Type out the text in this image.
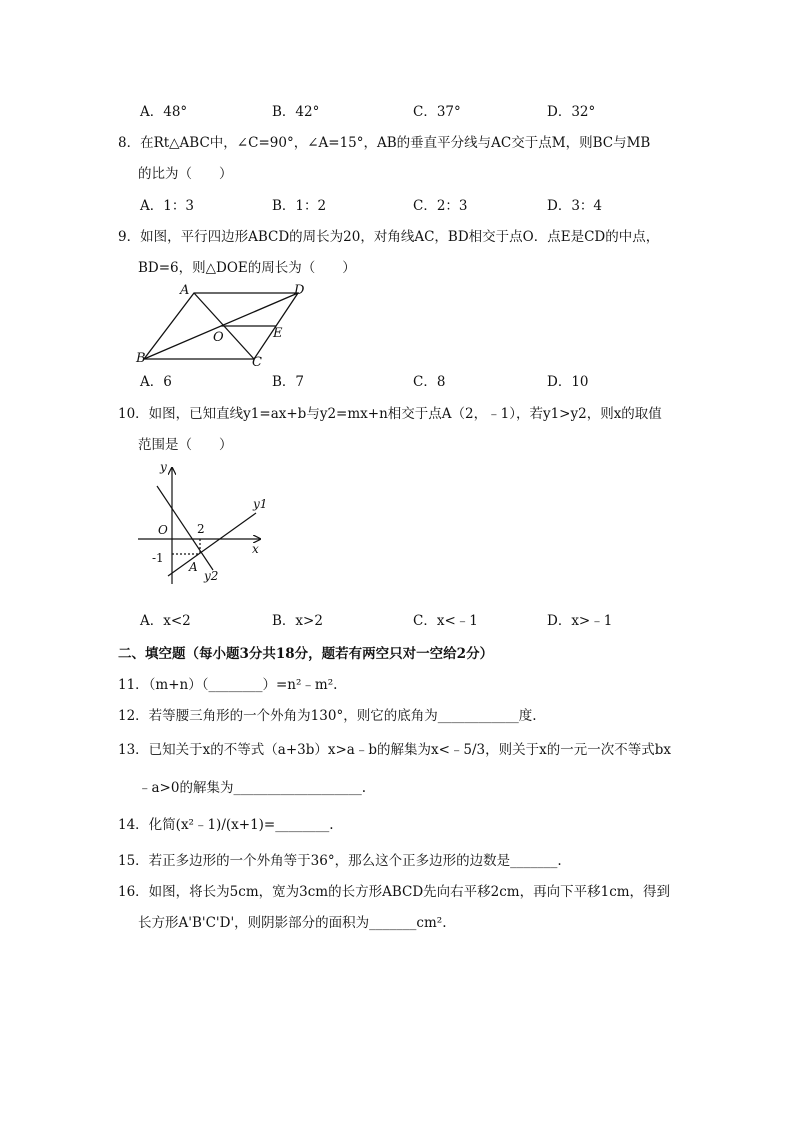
A．48°	B．42°	C．37°	D．32°
8．在Rt△ABC中，∠C=90°，∠A=15°，AB的垂直平分线与AC交于点M，则BC与MB
的比为（　　）
A．1：3	B．1：2	C．2：3	D．3：4
9．如图，平行四边形ABCD的周长为20，对角线AC，BD相交于点O．点E是CD的中点，
BD=6，则△DOE的周长为（　　）
A	D
O	E
B	C
A．6	B．7	C．8	D．10
10．如图，已知直线y1=ax+b与y2=mx+n相交于点A（2，﹣1），若y1>y2，则x的取值
范围是（　　）
y
O 2
x
-1
A
y1
y2
A．x<2	B．x>2	C．x<﹣1	D．x>﹣1
二、填空题（每小题3分共18分，题若有两空只对一空给2分）
11．（m+n）（________）=n²﹣m².
12．若等腰三角形的一个外角为130°，则它的底角为____________度.
13．已知关于x的不等式（a+3b）x>a﹣b的解集为x<﹣5/3，则关于x的一元一次不等式bx
﹣a>0的解集为___________________.
14．化简(x²﹣1)/(x+1)=________.
15．若正多边形的一个外角等于36°，那么这个正多边形的边数是_______.
16．如图，将长为5cm，宽为3cm的长方形ABCD先向右平移2cm，再向下平移1cm，得到
长方形A'B'C'D'，则阴影部分的面积为_______cm².
